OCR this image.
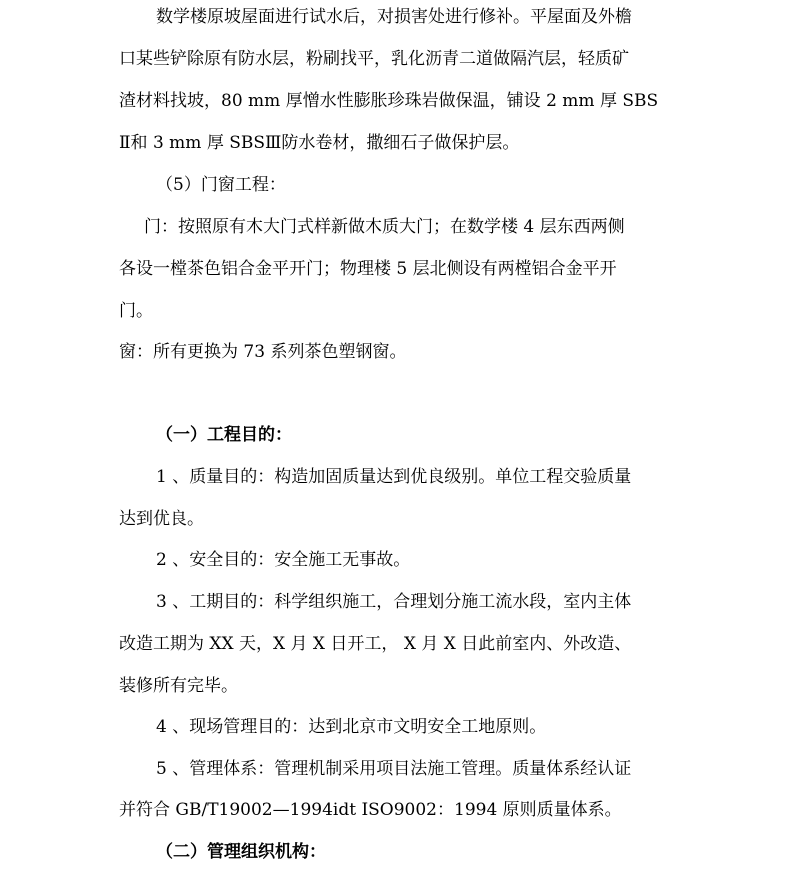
数学楼原坡屋面进行试水后，对损害处进行修补。平屋面及外檐
口某些铲除原有防水层，粉刷找平，乳化沥青二道做隔汽层，轻质矿
渣材料找坡，80 mm 厚憎水性膨胀珍珠岩做保温，铺设 2 mm 厚 SBS
Ⅱ和 3 mm 厚 SBSⅢ防水卷材，撒细石子做保护层。
（5）门窗工程：
门：按照原有木大门式样新做木质大门；在数学楼 4 层东西两侧
各设一樘茶色铝合金平开门；物理楼 5 层北侧设有两樘铝合金平开
门。
窗：所有更换为 73 系列茶色塑钢窗。
（一）工程目的：
1 、质量目的：构造加固质量达到优良级别。单位工程交验质量
达到优良。
2 、安全目的：安全施工无事故。
3 、工期目的：科学组织施工，合理划分施工流水段，室内主体
改造工期为 XX 天，X 月 X 日开工， X 月 X 日此前室内、外改造、
装修所有完毕。
4 、现场管理目的：达到北京市文明安全工地原则。
5 、管理体系：管理机制采用项目法施工管理。质量体系经认证
并符合 GB/T19002—1994idt ISO9002：1994 原则质量体系。
（二）管理组织机构：
